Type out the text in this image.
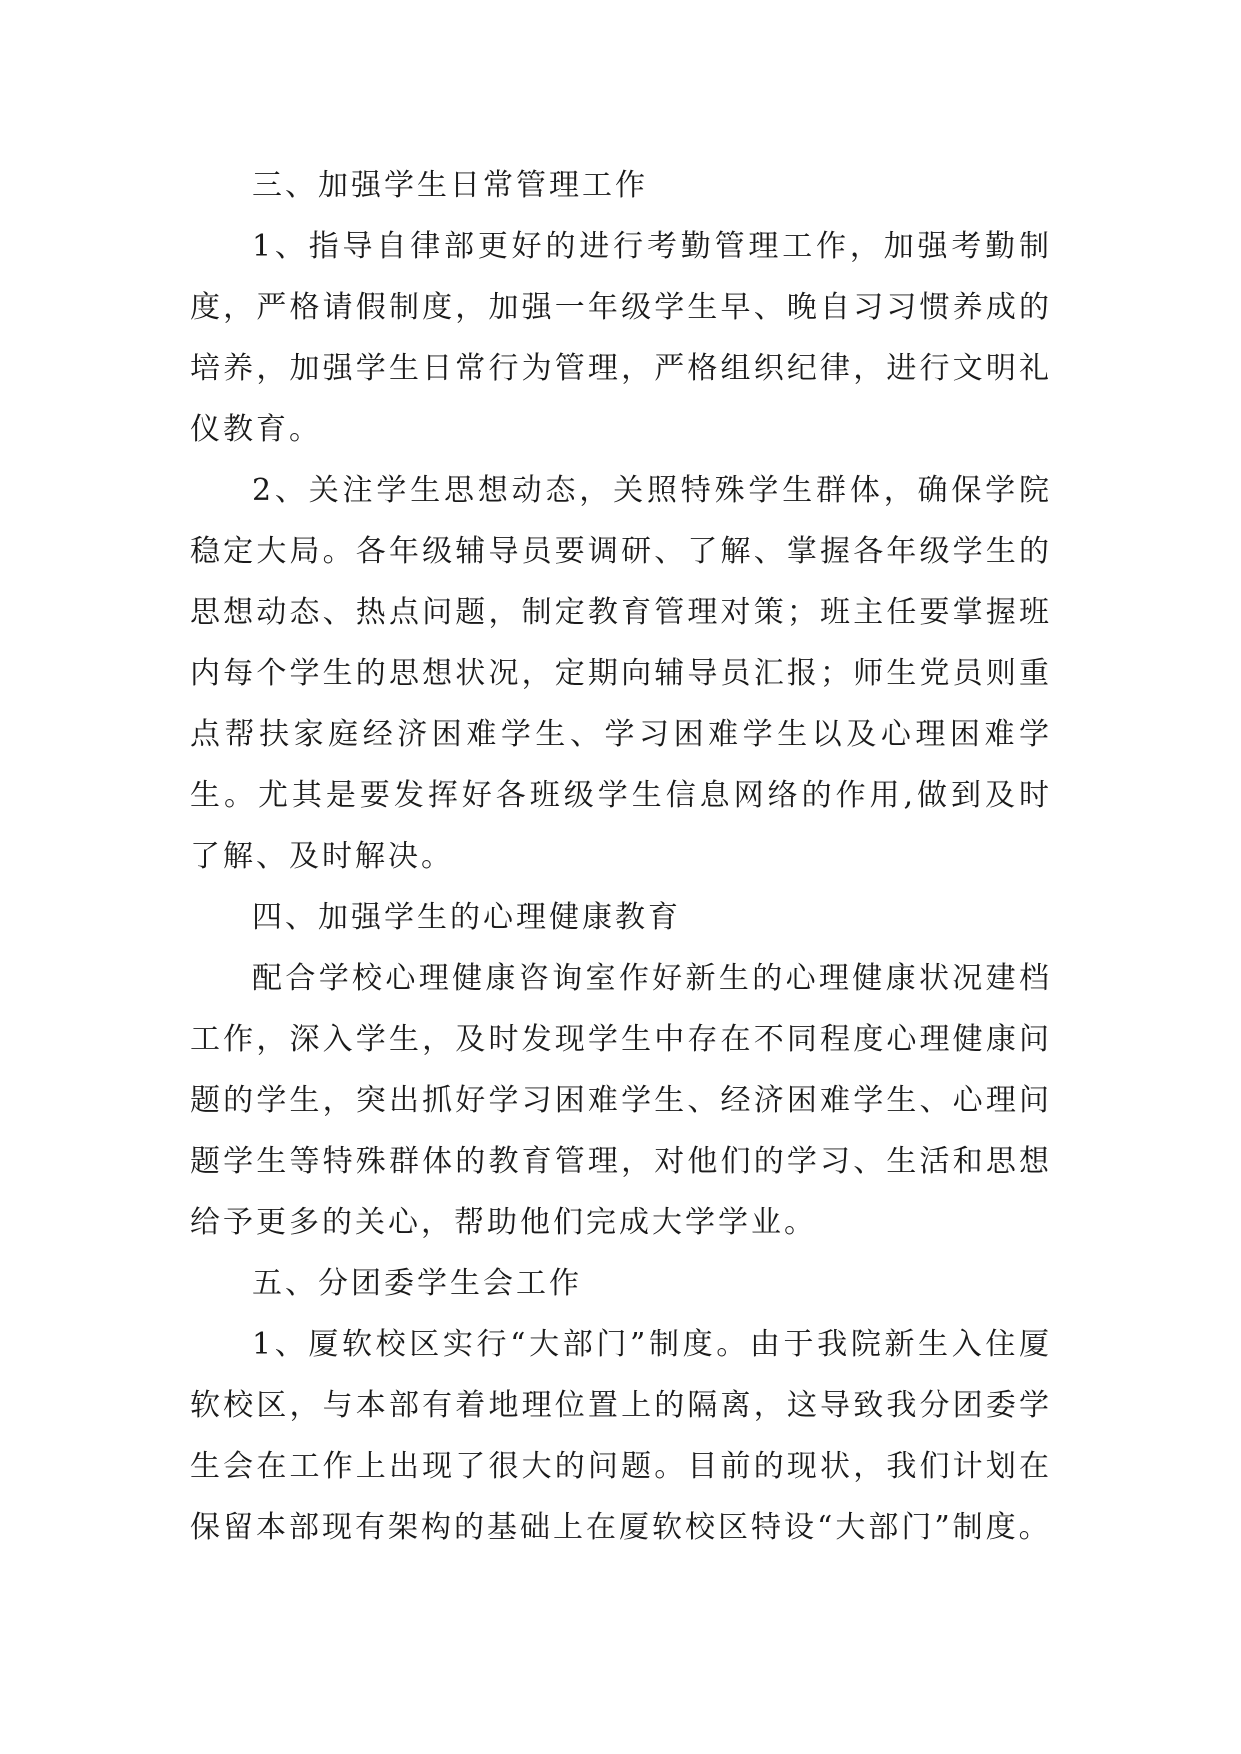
三、加强学生日常管理工作

1、指导自律部更好的进行考勤管理工作，加强考勤制度，严格请假制度，加强一年级学生早、晚自习习惯养成的培养，加强学生日常行为管理，严格组织纪律，进行文明礼仪教育。

2、关注学生思想动态，关照特殊学生群体，确保学院稳定大局。各年级辅导员要调研、了解、掌握各年级学生的思想动态、热点问题，制定教育管理对策；班主任要掌握班内每个学生的思想状况，定期向辅导员汇报；师生党员则重点帮扶家庭经济困难学生、学习困难学生以及心理困难学生。尤其是要发挥好各班级学生信息网络的作用,做到及时了解、及时解决。

四、加强学生的心理健康教育

配合学校心理健康咨询室作好新生的心理健康状况建档工作，深入学生，及时发现学生中存在不同程度心理健康问题的学生，突出抓好学习困难学生、经济困难学生、心理问题学生等特殊群体的教育管理，对他们的学习、生活和思想给予更多的关心，帮助他们完成大学学业。

五、分团委学生会工作

1、厦软校区实行“大部门”制度。由于我院新生入住厦软校区，与本部有着地理位置上的隔离，这导致我分团委学生会在工作上出现了很大的问题。目前的现状，我们计划在保留本部现有架构的基础上在厦软校区特设“大部门”制度。
